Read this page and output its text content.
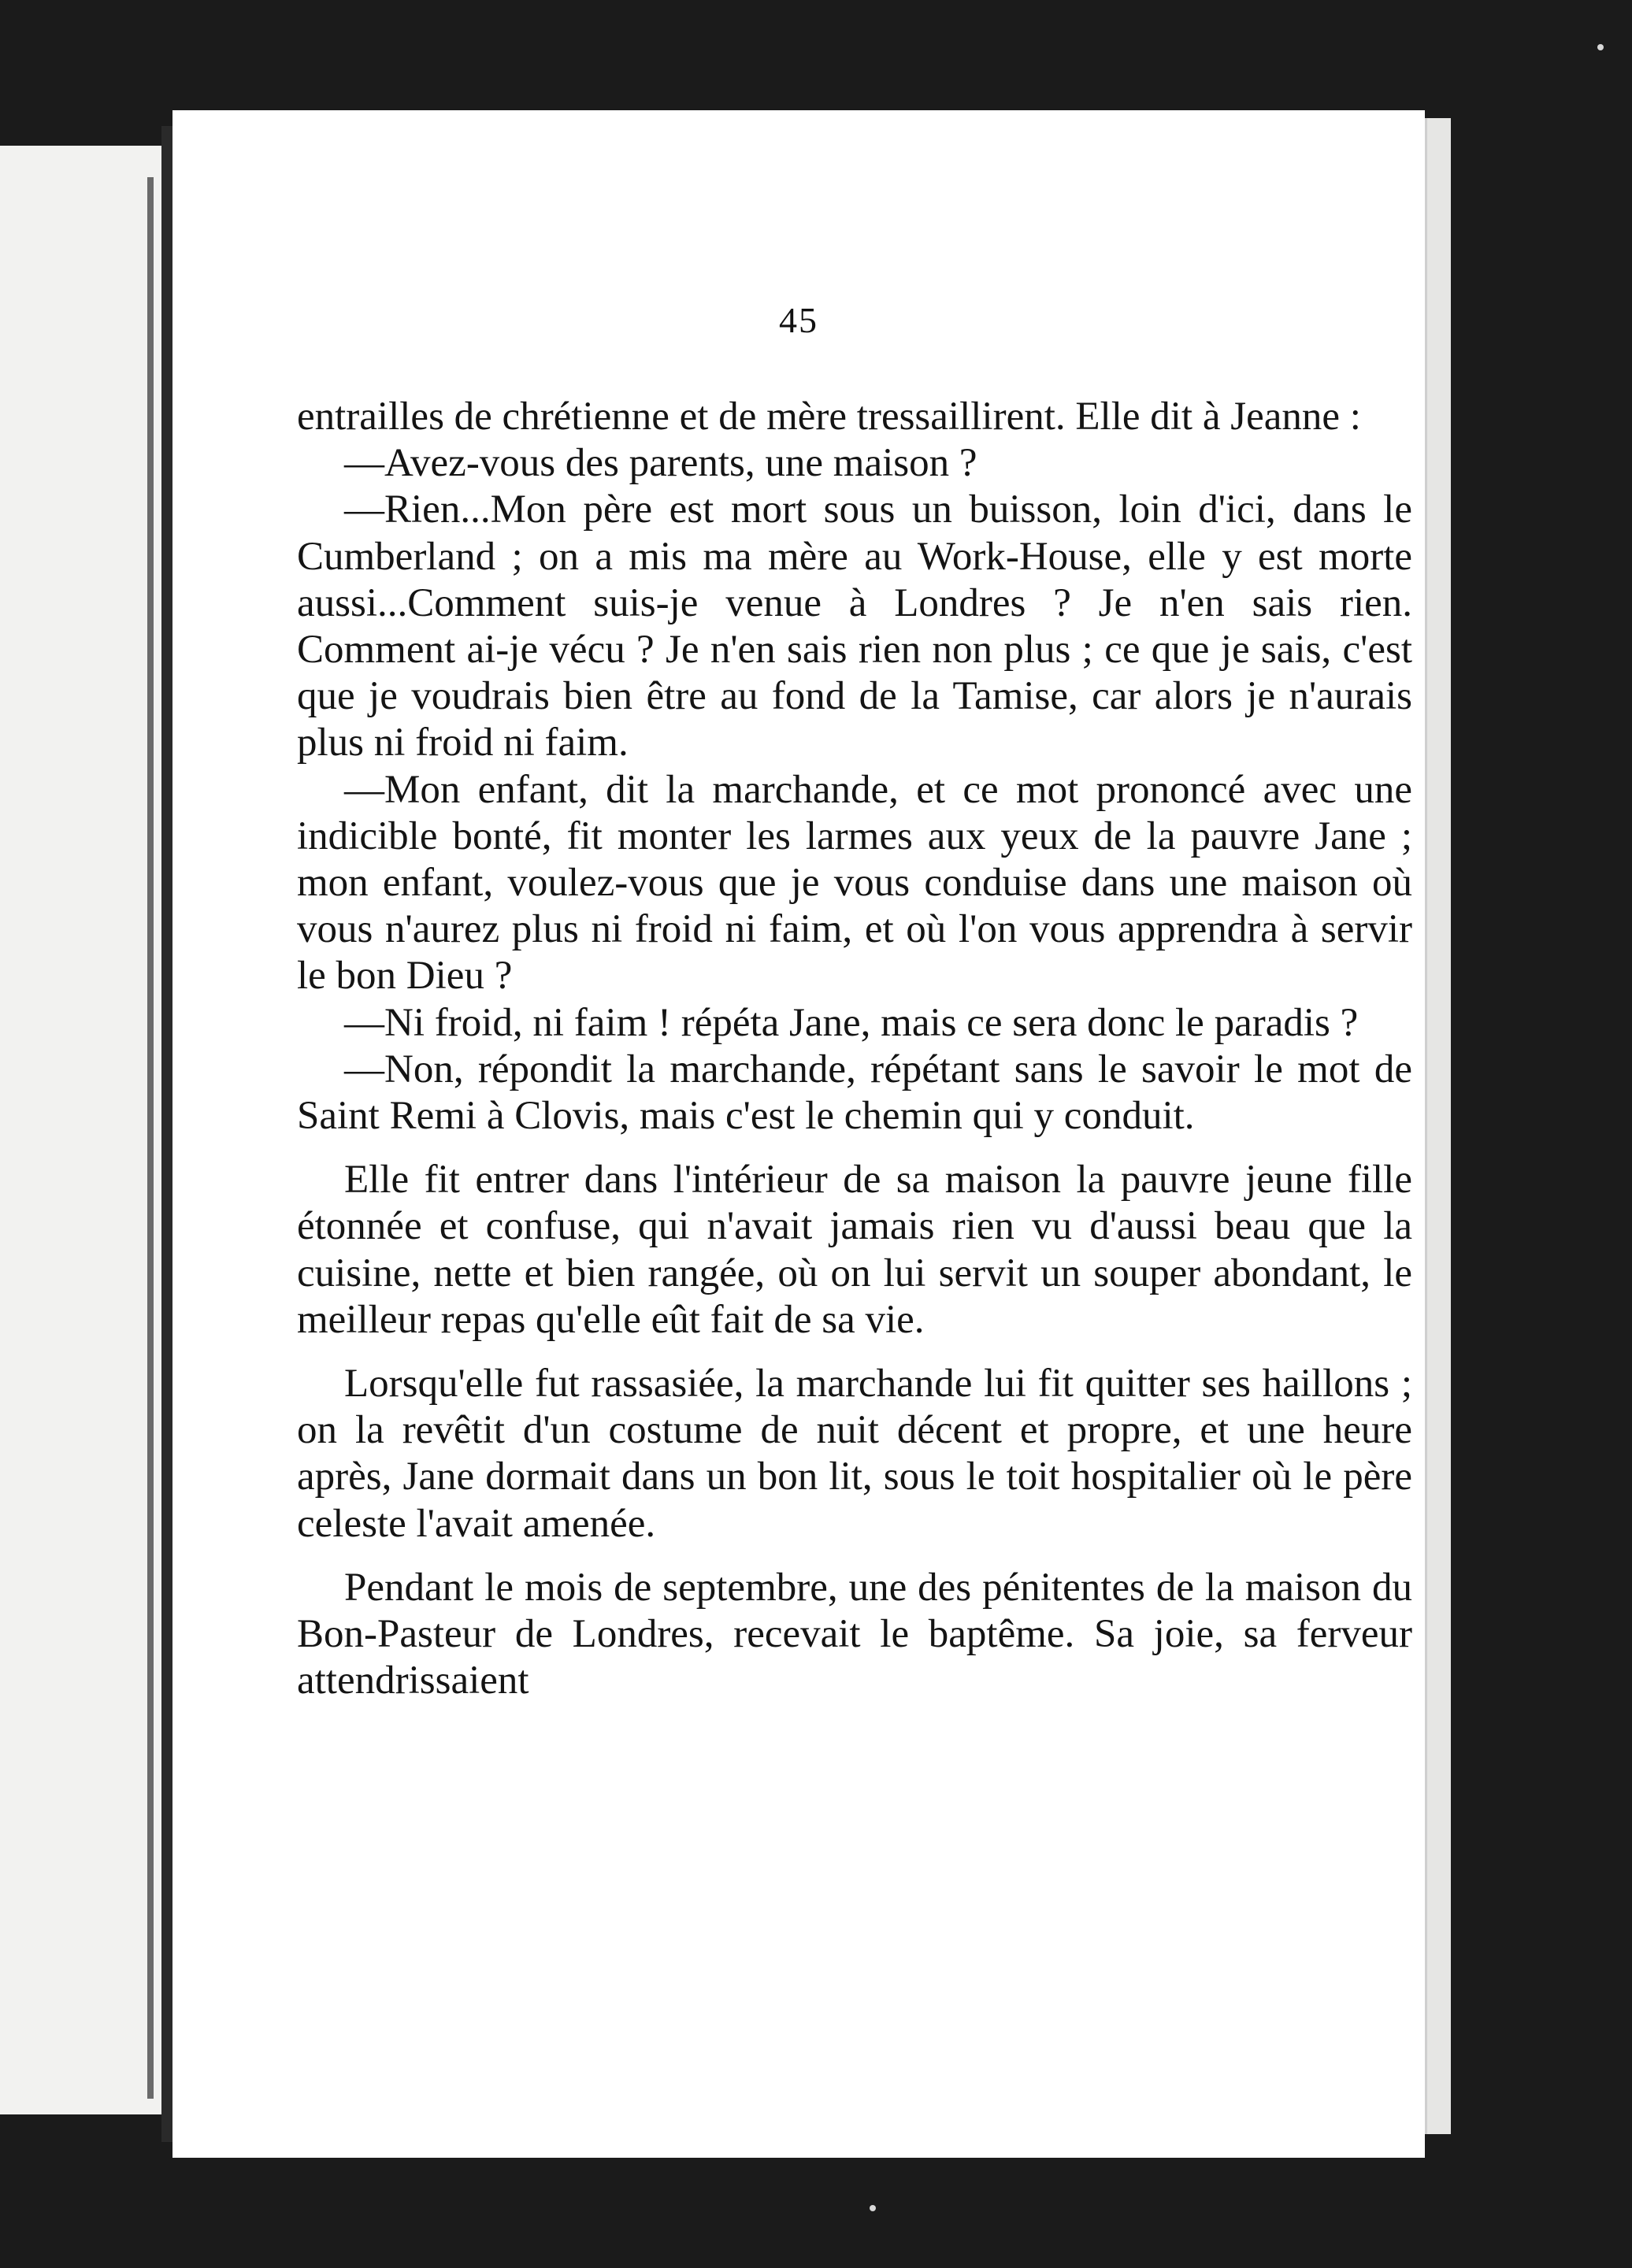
45

entrailles de chrétienne et de mère tressaillirent. Elle dit à Jeanne :

—Avez-vous des parents, une maison ?

—Rien...Mon père est mort sous un buisson, loin d'ici, dans le Cumberland ; on a mis ma mère au Work-House, elle y est morte aussi...Comment suis-je venue à Londres ? Je n'en sais rien. Comment ai-je vécu ? Je n'en sais rien non plus ; ce que je sais, c'est que je voudrais bien être au fond de la Tamise, car alors je n'aurais plus ni froid ni faim.

—Mon enfant, dit la marchande, et ce mot prononcé avec une indicible bonté, fit monter les larmes aux yeux de la pauvre Jane ; mon enfant, voulez-vous que je vous conduise dans une maison où vous n'aurez plus ni froid ni faim, et où l'on vous apprendra à servir le bon Dieu ?

—Ni froid, ni faim ! répéta Jane, mais ce sera donc le paradis ?

—Non, répondit la marchande, répétant sans le savoir le mot de Saint Remi à Clovis, mais c'est le chemin qui y conduit.

Elle fit entrer dans l'intérieur de sa maison la pauvre jeune fille étonnée et confuse, qui n'avait jamais rien vu d'aussi beau que la cuisine, nette et bien rangée, où on lui servit un souper abondant, le meilleur repas qu'elle eût fait de sa vie.

Lorsqu'elle fut rassasiée, la marchande lui fit quitter ses haillons ; on la revêtit d'un costume de nuit décent et propre, et une heure après, Jane dormait dans un bon lit, sous le toit hospitalier où le père celeste l'avait amenée.

Pendant le mois de septembre, une des pénitentes de la maison du Bon-Pasteur de Londres, recevait le baptême. Sa joie, sa ferveur attendrissaient
